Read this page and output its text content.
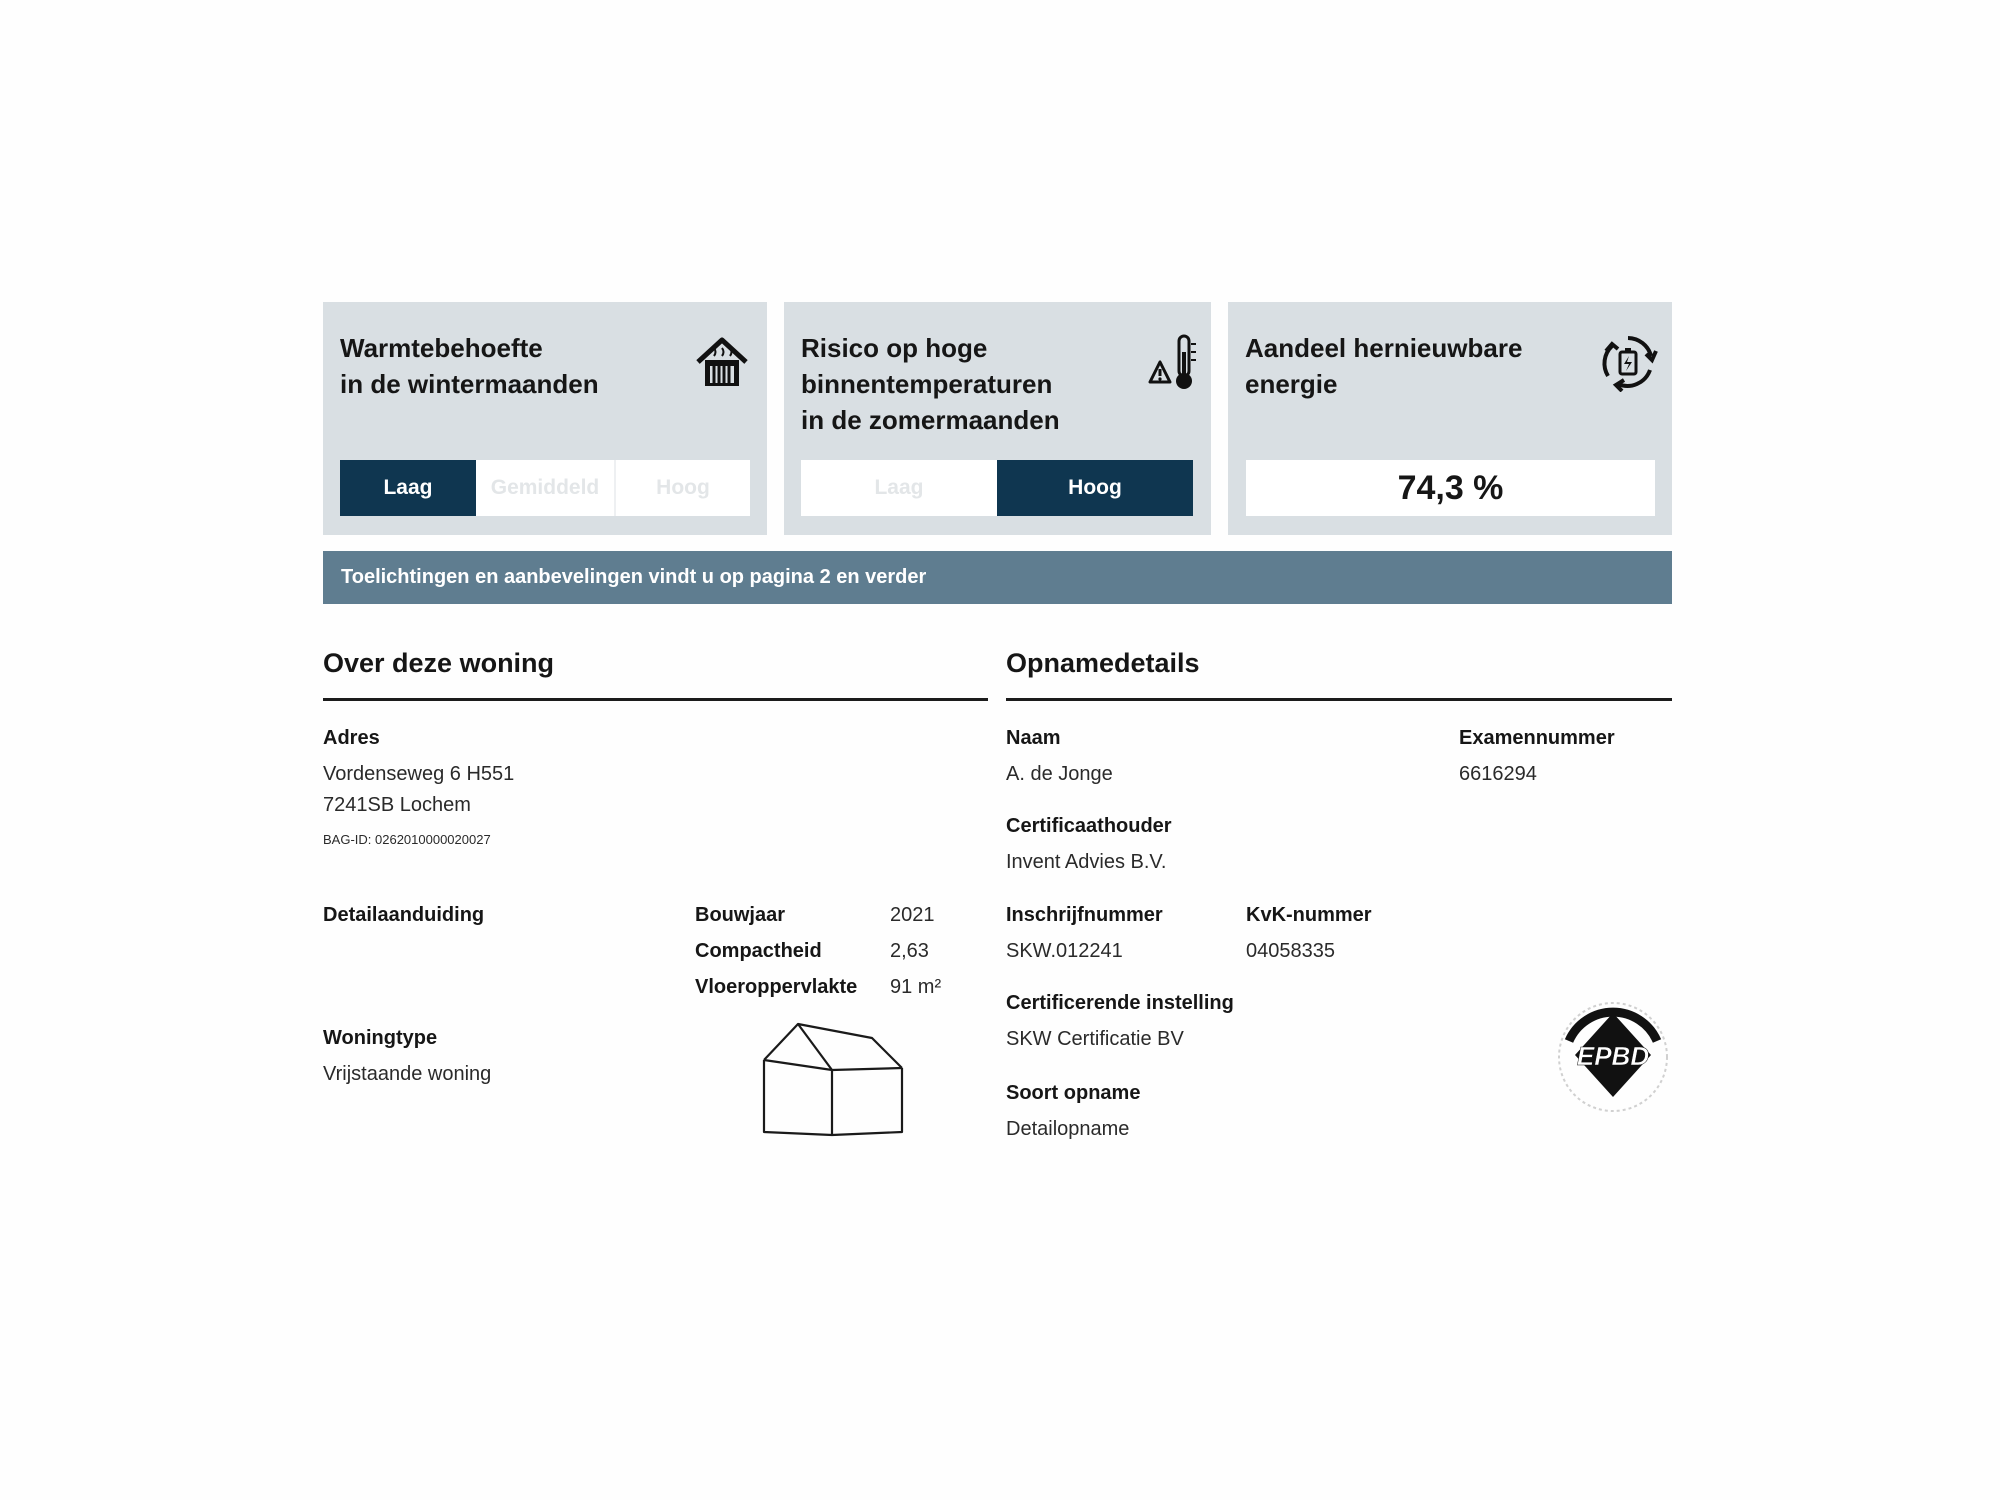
Warmtebehoefte
in de wintermaanden
Laag	Gemiddeld	Hoog
Risico op hoge
binnentemperaturen
in de zomermaanden
Laag	Hoog
Aandeel hernieuwbare
energie
74,3 %
Toelichtingen en aanbevelingen vindt u op pagina 2 en verder
Over deze woning
Adres
Vordenseweg 6 H551
7241SB Lochem
BAG-ID: 0262010000020027
Detailaanduiding	Bouwjaar	2021
Compactheid	2,63
Vloeroppervlakte 91 m²
Woningtype
Vrijstaande woning
Opnamedetails
Naam
A. de Jonge
Examennummer
6616294
Certificaathouder
Invent Advies B.V.
Inschrijfnummer
SKW.012241
KvK-nummer
04058335
Certificerende instelling
SKW Certificatie BV
Soort opname
Detailopname
EPBD
